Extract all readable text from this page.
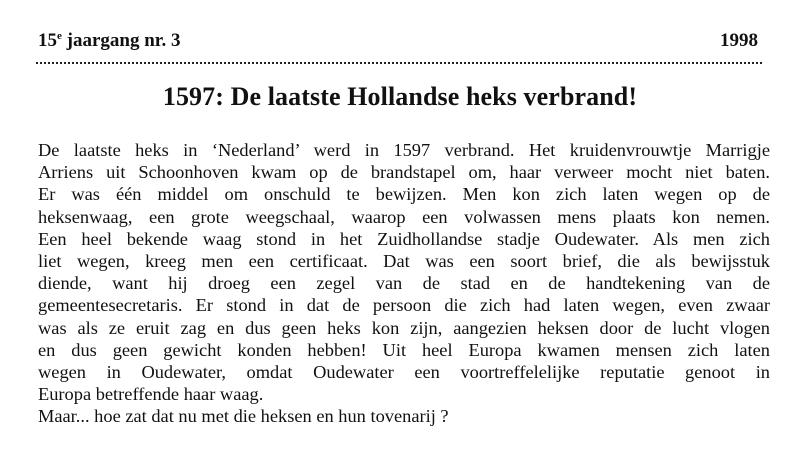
15e jaargang nr. 3	1998
1597: De laatste Hollandse heks verbrand!
De laatste heks in ‘Nederland’ werd in 1597 verbrand. Het kruidenvrouwtje Marrigje
Arriens uit Schoonhoven kwam op de brandstapel om, haar verweer mocht niet baten.
Er was één middel om onschuld te bewijzen. Men kon zich laten wegen op de
heksenwaag, een grote weegschaal, waarop een volwassen mens plaats kon nemen.
Een heel bekende waag stond in het Zuidhollandse stadje Oudewater. Als men zich
liet wegen, kreeg men een certificaat. Dat was een soort brief, die als bewijsstuk
diende, want hij droeg een zegel van de stad en de handtekening van de
gemeentesecretaris. Er stond in dat de persoon die zich had laten wegen, even zwaar
was als ze eruit zag en dus geen heks kon zijn, aangezien heksen door de lucht vlogen
en dus geen gewicht konden hebben! Uit heel Europa kwamen mensen zich laten
wegen in Oudewater, omdat Oudewater een voortreffelelijke reputatie genoot in
Europa betreffende haar waag.
Maar... hoe zat dat nu met die heksen en hun tovenarij ?
